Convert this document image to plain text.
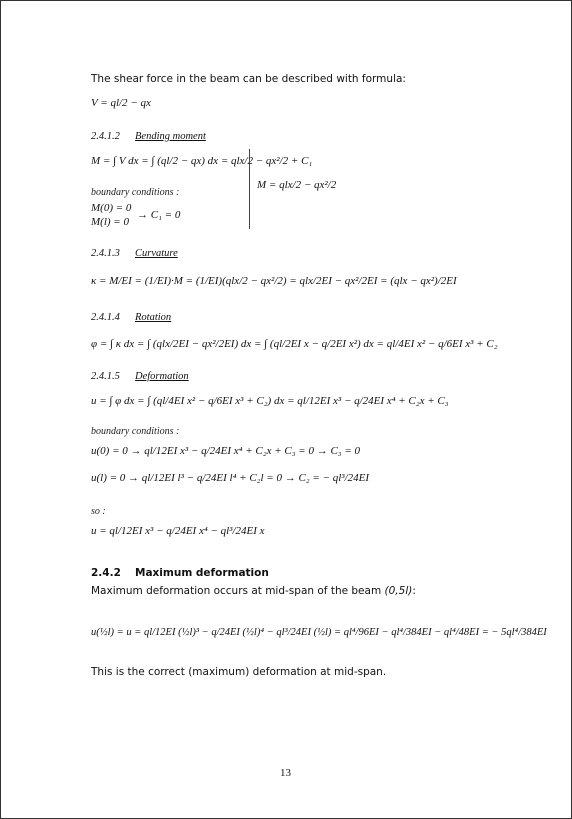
The shear force in the beam can be described with formula:
V = ql/2 − qx
2.4.1.2 Bending moment
M = ∫ V dx = ∫ (ql/2 − qx) dx = qlx/2 − qx²/2 + C₁
boundary conditions :
M(0) = 0
M(l) = 0
→ C₁ = 0
M = qlx/2 − qx²/2
2.4.1.3 Curvature
κ = M/EI = (1/EI)·M = (1/EI)(qlx/2 − qx²/2) = qlx/2EI − qx²/2EI = (qlx − qx²)/2EI
2.4.1.4 Rotation
φ = ∫ κ dx = ∫ (qlx/2EI − qx²/2EI) dx = ∫ (ql/2EI x − q/2EI x²) dx = ql/4EI x² − q/6EI x³ + C₂
2.4.1.5 Deformation
u = ∫ φ dx = ∫ (ql/4EI x² − q/6EI x³ + C₂) dx = ql/12EI x³ − q/24EI x⁴ + C₂x + C₃
boundary conditions :
u(0) = 0 → ql/12EI x³ − q/24EI x⁴ + C₂x + C₃ = 0 → C₃ = 0
u(l) = 0 → ql/12EI l³ − q/24EI l⁴ + C₂l = 0 → C₂ = − ql³/24EI
so :
u = ql/12EI x³ − q/24EI x⁴ − ql³/24EI x
2.4.2 Maximum deformation
Maximum deformation occurs at mid-span of the beam (0,5l):
u(½l) = u = ql/12EI (½l)³ − q/24EI (½l)⁴ − ql³/24EI (½l) = ql⁴/96EI − ql⁴/384EI − ql⁴/48EI = − 5ql⁴/384EI
This is the correct (maximum) deformation at mid-span.
13
